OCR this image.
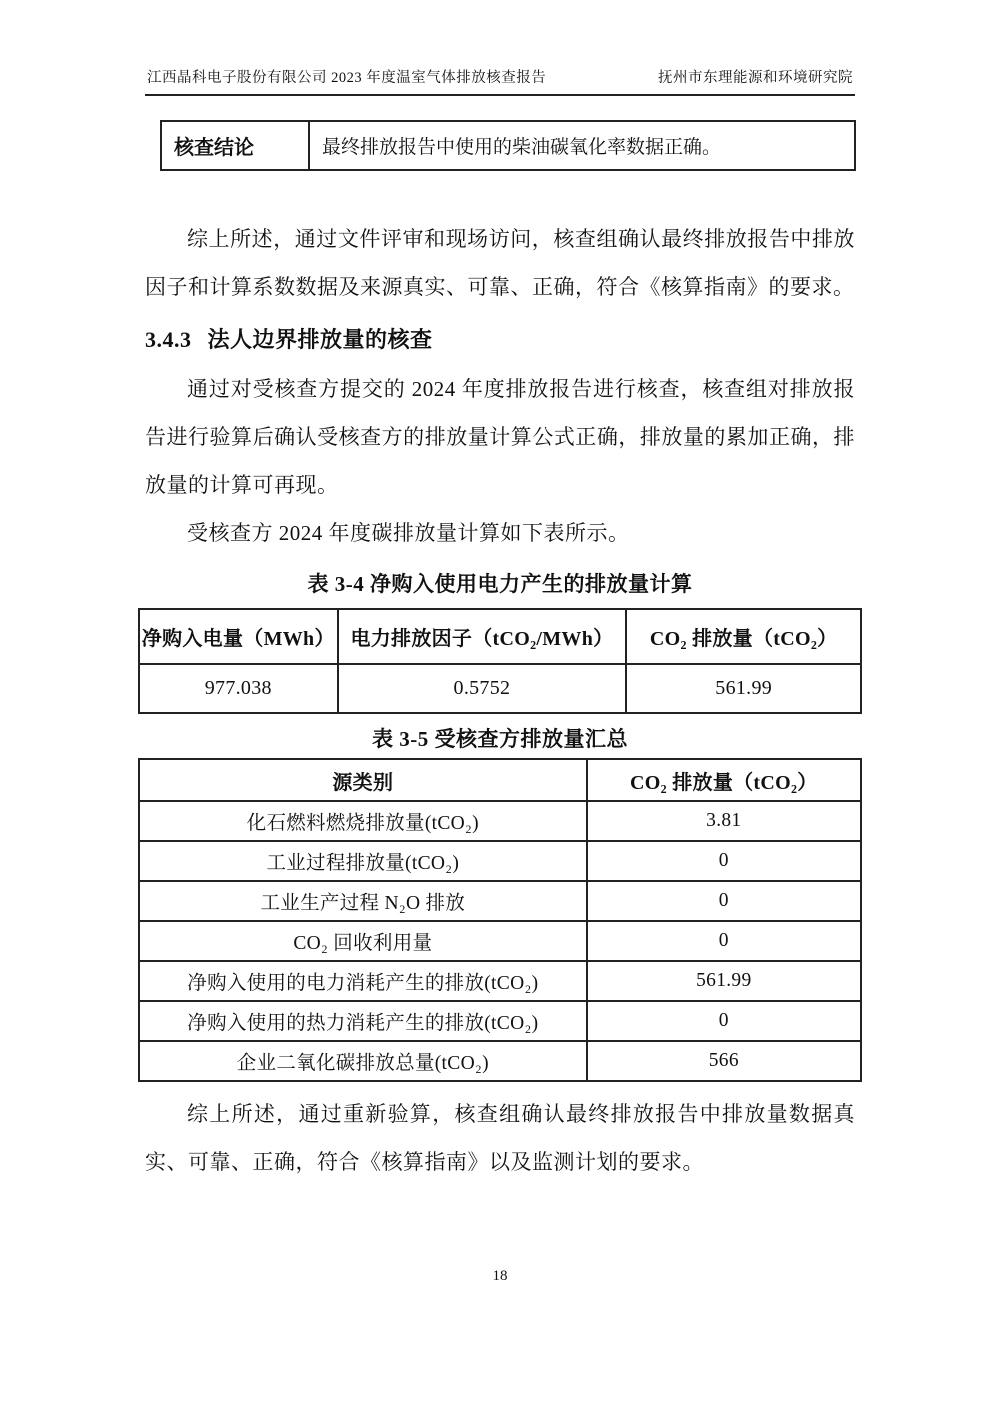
江西晶科电子股份有限公司 2023 年度温室气体排放核查报告	抚州市东理能源和环境研究院
核查结论	最终排放报告中使用的柴油碳氧化率数据正确。

综上所述，通过文件评审和现场访问，核查组确认最终排放报告中排放因子和计算系数数据及来源真实、可靠、正确，符合《核算指南》的要求。

3.4.3 法人边界排放量的核查

通过对受核查方提交的 2024 年度排放报告进行核查，核查组对排放报告进行验算后确认受核查方的排放量计算公式正确，排放量的累加正确，排放量的计算可再现。

受核查方 2024 年度碳排放量计算如下表所示。

表 3-4 净购入使用电力产生的排放量计算
净购入电量（MWh）	电力排放因子（tCO₂/MWh）	CO₂ 排放量（tCO₂）
977.038	0.5752	561.99
表 3-5 受核查方排放量汇总
源类别	CO₂ 排放量（tCO₂）
化石燃料燃烧排放量(tCO₂)	3.81
工业过程排放量(tCO₂)	0
工业生产过程 N₂O 排放	0
CO₂ 回收利用量	0
净购入使用的电力消耗产生的排放(tCO₂)	561.99
净购入使用的热力消耗产生的排放(tCO₂)	0
企业二氧化碳排放总量(tCO₂)	566

综上所述，通过重新验算，核查组确认最终排放报告中排放量数据真实、可靠、正确，符合《核算指南》以及监测计划的要求。

18
